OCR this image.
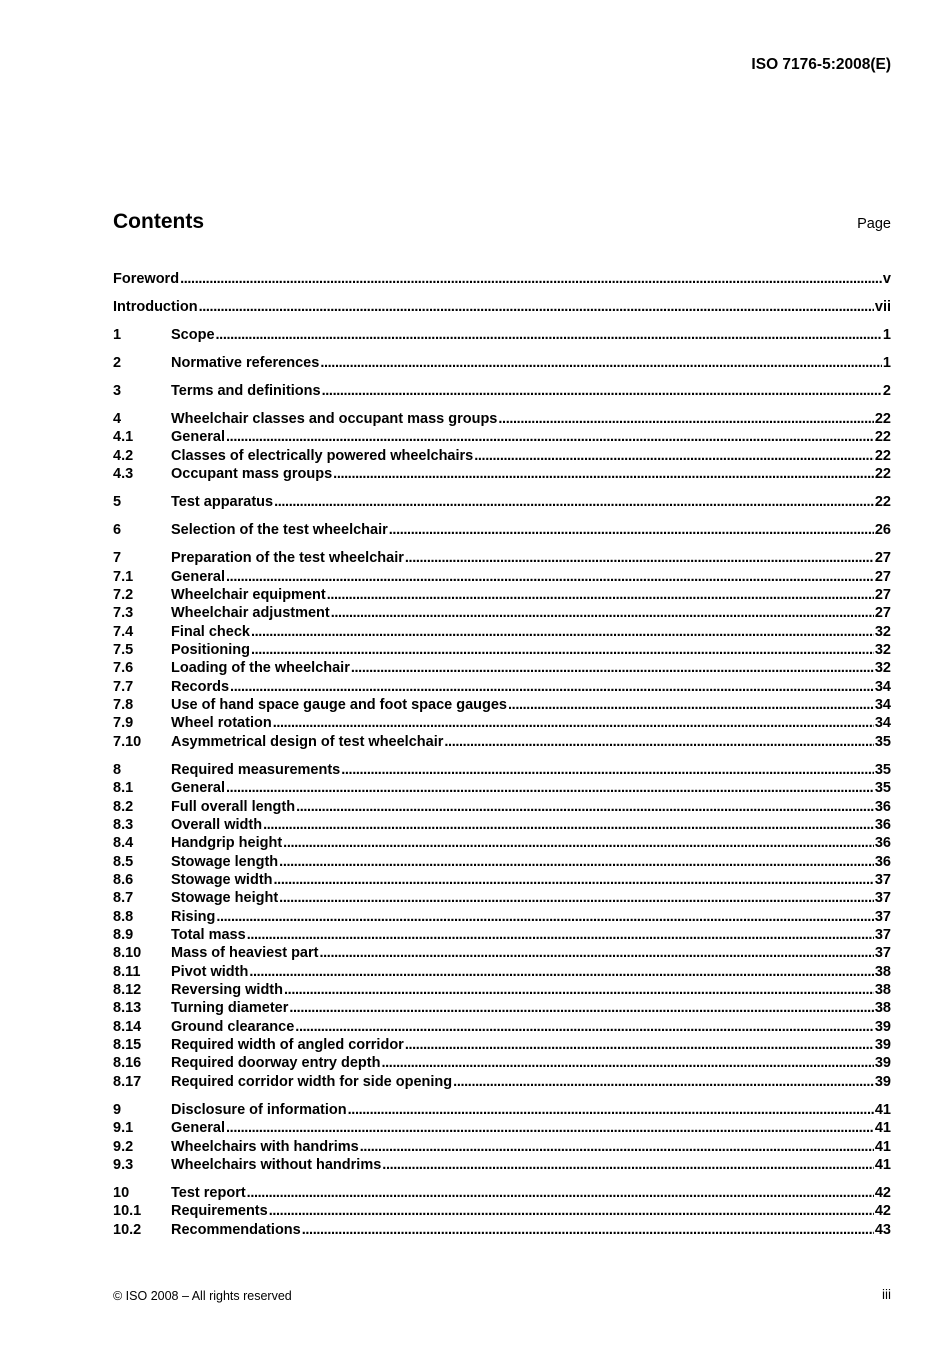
ISO 7176-5:2008(E)
Contents	Page
Foreword . . .	v
Introduction . . .	vii
1	Scope . . .	1
2	Normative references . . .	1
3	Terms and definitions . . .	2
4	Wheelchair classes and occupant mass groups . . .	22
4.1	General . . .	22
4.2	Classes of electrically powered wheelchairs . . .	22
4.3	Occupant mass groups . . .	22
5	Test apparatus . . .	22
6	Selection of the test wheelchair . . .	26
7	Preparation of the test wheelchair . . .	27
7.1	General . . .	27
7.2	Wheelchair equipment . . .	27
7.3	Wheelchair adjustment . . .	27
7.4	Final check . . .	32
7.5	Positioning . . .	32
7.6	Loading of the wheelchair . . .	32
7.7	Records . . .	34
7.8	Use of hand space gauge and foot space gauges . . .	34
7.9	Wheel rotation . . .	34
7.10	Asymmetrical design of test wheelchair . . .	35
8	Required measurements . . .	35
8.1	General . . .	35
8.2	Full overall length . . .	36
8.3	Overall width . . .	36
8.4	Handgrip height . . .	36
8.5	Stowage length . . .	36
8.6	Stowage width . . .	37
8.7	Stowage height . . .	37
8.8	Rising . . .	37
8.9	Total mass . . .	37
8.10	Mass of heaviest part . . .	37
8.11	Pivot width . . .	38
8.12	Reversing width . . .	38
8.13	Turning diameter . . .	38
8.14	Ground clearance . . .	39
8.15	Required width of angled corridor . . .	39
8.16	Required doorway entry depth . . .	39
8.17	Required corridor width for side opening . . .	39
9	Disclosure of information . . .	41
9.1	General . . .	41
9.2	Wheelchairs with handrims . . .	41
9.3	Wheelchairs without handrims . . .	41
10	Test report . . .	42
10.1	Requirements . . .	42
10.2	Recommendations . . .	43
© ISO 2008 – All rights reserved	iii
